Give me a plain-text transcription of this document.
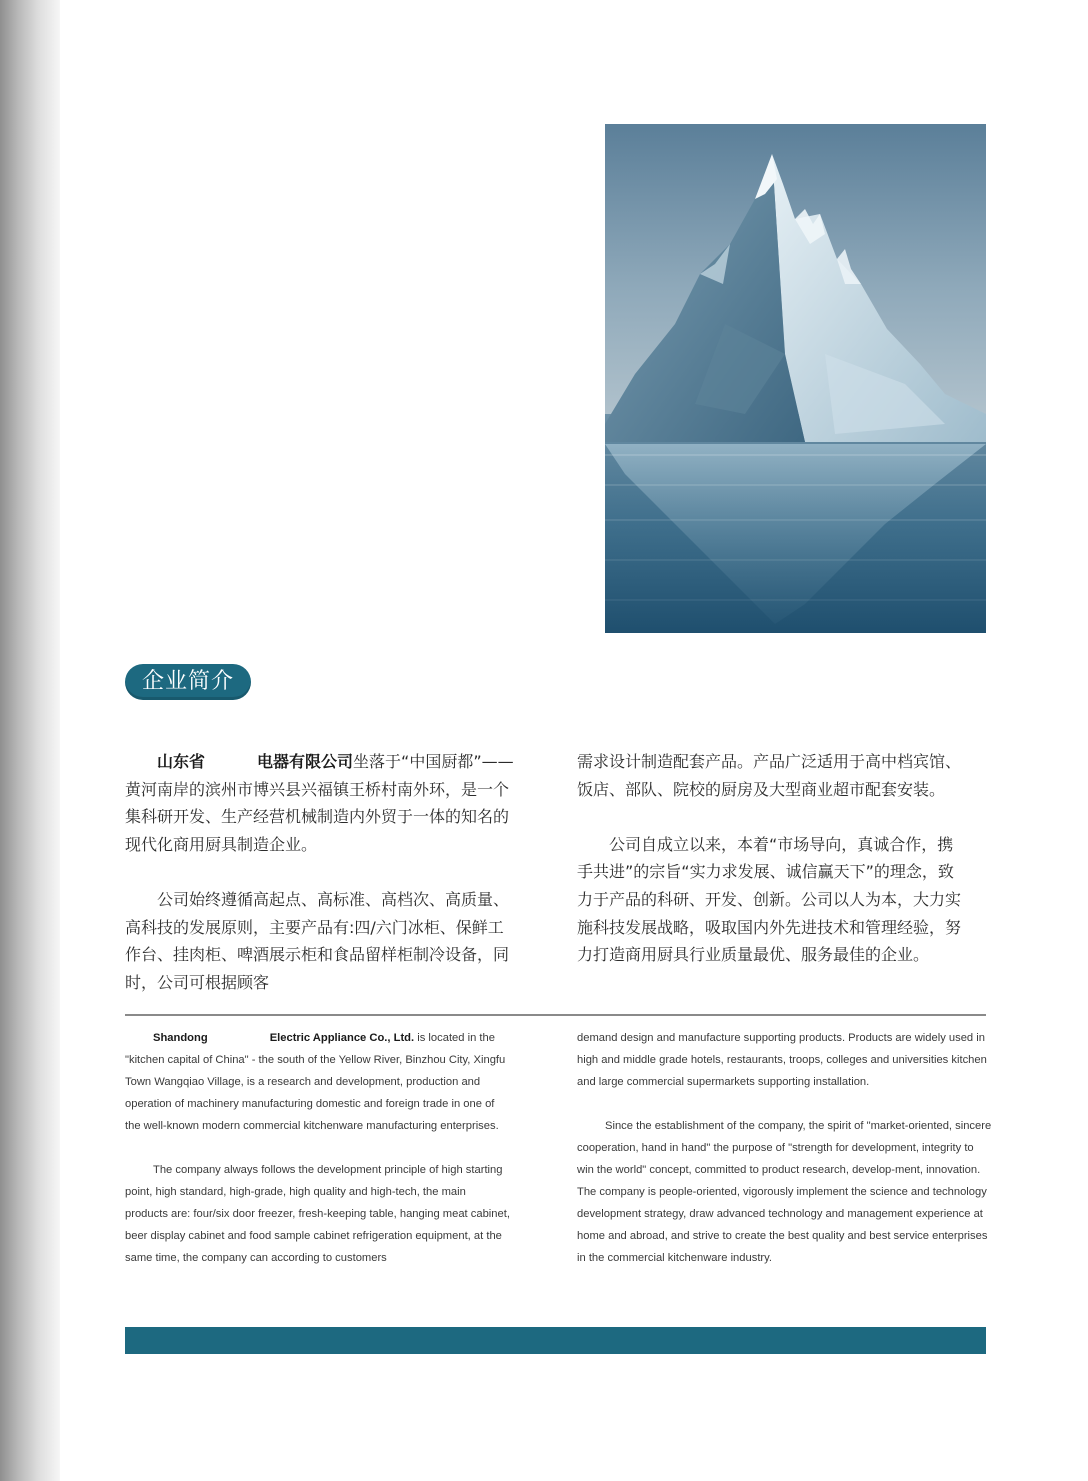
企业简介

山东省	电器有限公司坐落于“中国厨都”——黄河南岸的滨州市博兴县兴福镇王桥村南外环，是一个集科研开发、生产经营机械制造内外贸于一体的知名的现代化商用厨具制造企业。

公司始终遵循高起点、高标准、高档次、高质量、高科技的发展原则，主要产品有:四/六门冰柜、保鲜工作台、挂肉柜、啤酒展示柜和食品留样柜制冷设备，同时，公司可根据顾客

需求设计制造配套产品。产品广泛适用于高中档宾馆、饭店、部队、院校的厨房及大型商业超市配套安装。

公司自成立以来，本着“市场导向，真诚合作，携手共进”的宗旨“实力求发展、诚信赢天下”的理念，致力于产品的科研、开发、创新。公司以人为本，大力实施科技发展战略，吸取国内外先进技术和管理经验，努力打造商用厨具行业质量最优、服务最佳的企业。

Shandong	Electric Appliance Co., Ltd. is located in the "kitchen capital of China" - the south of the Yellow River, Binzhou City, Xingfu Town Wangqiao Village, is a research and development, production and operation of machinery manufacturing domestic and foreign trade in one of the well-known modern commercial kitchenware manufacturing enterprises.

The company always follows the development principle of high starting point, high standard, high-grade, high quality and high-tech, the main products are: four/six door freezer, fresh-keeping table, hanging meat cabinet, beer display cabinet and food sample cabinet refrigeration equipment, at the same time, the company can according to customers

demand design and manufacture supporting products. Products are widely used in high and middle grade hotels, restaurants, troops, colleges and universities kitchen and large commercial supermarkets supporting installation.

Since the establishment of the company, the spirit of "market-oriented, sincere cooperation, hand in hand" the purpose of "strength for development, integrity to win the world" concept, committed to product research, develop-ment, innovation. The company is people-oriented, vigorously implement the science and technology development strategy, draw advanced technology and management experience at home and abroad, and strive to create the best quality and best service enterprises in the commercial kitchenware industry.
